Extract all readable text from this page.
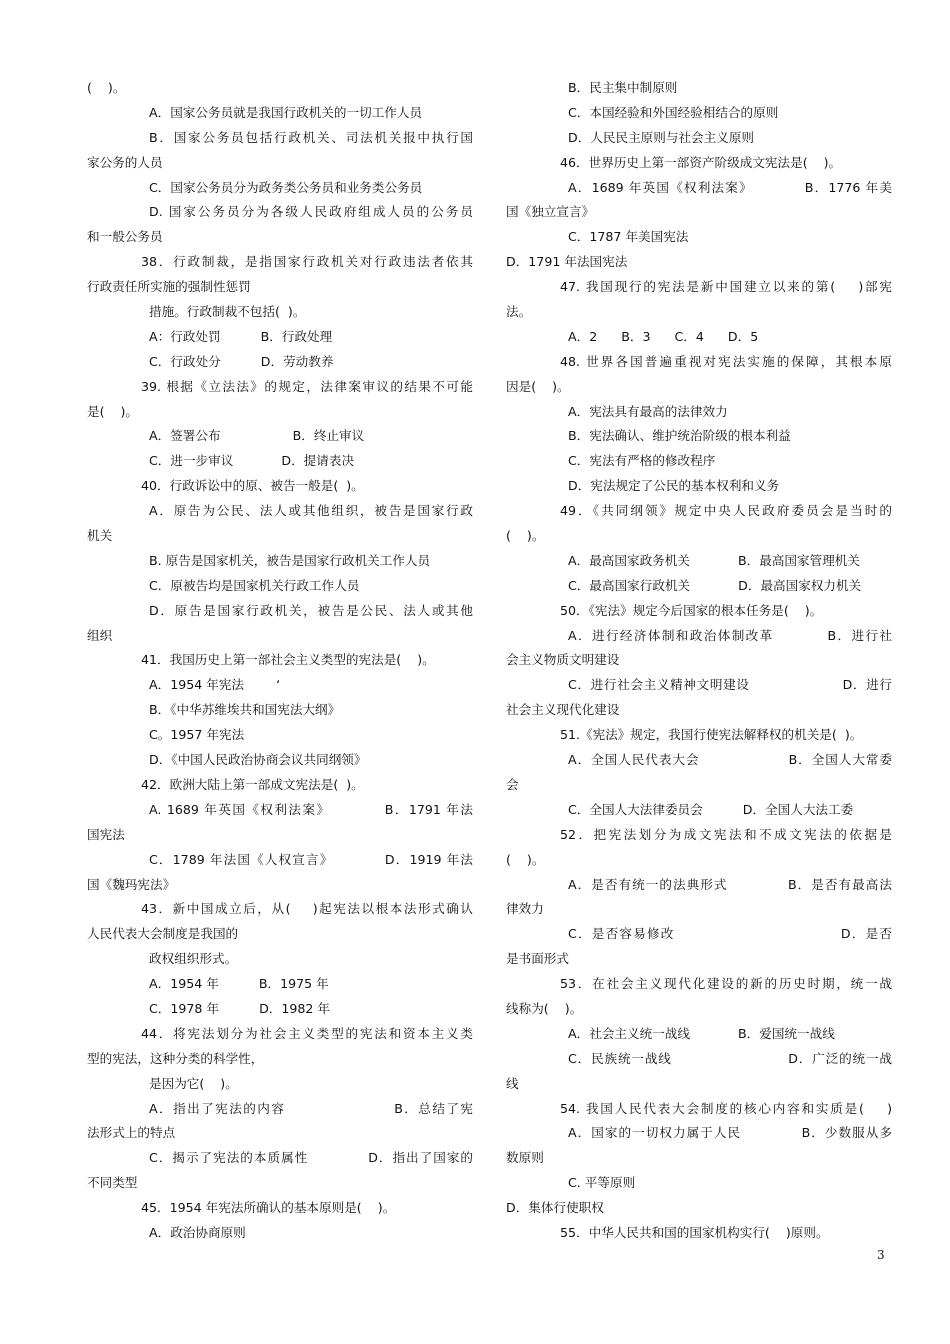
(    )。
A．国家公务员就是我国行政机关的一切工作人员
B．国家公务员包括行政机关、司法机关报中执行国
家公务的人员
C．国家公务员分为政务类公务员和业务类公务员
D. 国家公务员分为各级人民政府组成人员的公务员
和一般公务员
38．行政制裁，是指国家行政机关对行政违法者依其
行政责任所实施的强制性惩罚
措施。行政制裁不包括(  )。
A：行政处罚          B．行政处理
C．行政处分          D．劳动教养
39. 根据《立法法》的规定，法律案审议的结果不可能
是(    )。
A．签署公布                  B．终止审议
C．进一步审议            D．提请表决
40．行政诉讼中的原、被告一般是(  )。
A．原告为公民、法人或其他组织，被告是国家行政
机关
B. 原告是国家机关，被告是国家行政机关工作人员
C．原被告均是国家机关行政工作人员
D．原告是国家行政机关，被告是公民、法人或其他
组织
41．我国历史上第一部社会主义类型的宪法是(    )。
A．1954 年宪法        ‘
B．《中华苏维埃共和国宪法大纲》
C。1957 年宪法
D．《中国人民政治协商会议共同纲领》
42．欧洲大陆上第一部成文宪法是(  )。
A. 1689 年英国《权利法案》          B．1791 年法
国宪法
C．1789 年法国《人权宣言》          D．1919 年法
国《魏玛宪法》
43．新中国成立后，从(    )起宪法以根本法形式确认
人民代表大会制度是我国的
政权组织形式。
A．1954 年          B．1975 年
C．1978 年          D．1982 年
44．将宪法划分为社会主义类型的宪法和资本主义类
型的宪法，这种分类的科学性，
是因为它(    )。
A．指出了宪法的内容                    B．总结了宪
法形式上的特点
C．揭示了宪法的本质属性            D．指出了国家的
不同类型
45．1954 年宪法所确认的基本原则是(    )。
A．政治协商原则
B．民主集中制原则
C．本国经验和外国经验相结合的原则
D．人民民主原则与社会主义原则
46．世界历史上第一部资产阶级成文宪法是(    )。
A．1689 年英国《权利法案》          B．1776 年美
国《独立宣言》
C．1787 年美国宪法
D．1791 年法国宪法
47. 我国现行的宪法是新中国建立以来的第(    )部宪
法。
A．2      B．3      C．4      D．5
48. 世界各国普遍重视对宪法实施的保障，其根本原
因是(    )。
A．宪法具有最高的法律效力
B．宪法确认、维护统治阶级的根本利益
C．宪法有严格的修改程序
D．宪法规定了公民的基本权利和义务
49．《共同纲领》规定中央人民政府委员会是当时的
(    )。
A．最高国家政务机关            B．最高国家管理机关
C．最高国家行政机关            D．最高国家权力机关
50．《宪法》规定今后国家的根本任务是(    )。
A．进行经济体制和政治体制改革          B．进行社
会主义物质文明建设
C．进行社会主义精神文明建设                    D．进行
社会主义现代化建设
51.《宪法》规定，我国行使宪法解释权的机关是(  )。
A．全国人民代表大会                  B．全国人大常委
会
C．全国人大法律委员会          D．全国人大法工委
52．把宪法划分为成文宪法和不成文宪法的依据是
(    )。
A．是否有统一的法典形式            B．是否有最高法
律效力
C．是否容易修改                                D．是否
是书面形式
53．在社会主义现代化建设的新的历史时期，统一战
线称为(    )。
A．社会主义统一战线            B．爱国统一战线
C．民族统一战线                        D．广泛的统一战
线
54. 我国人民代表大会制度的核心内容和实质是(    )
A．国家的一切权力属于人民            B．少数服从多
数原则
C. 平等原则
D．集体行使职权
55．中华人民共和国的国家机构实行(    )原则。
3
